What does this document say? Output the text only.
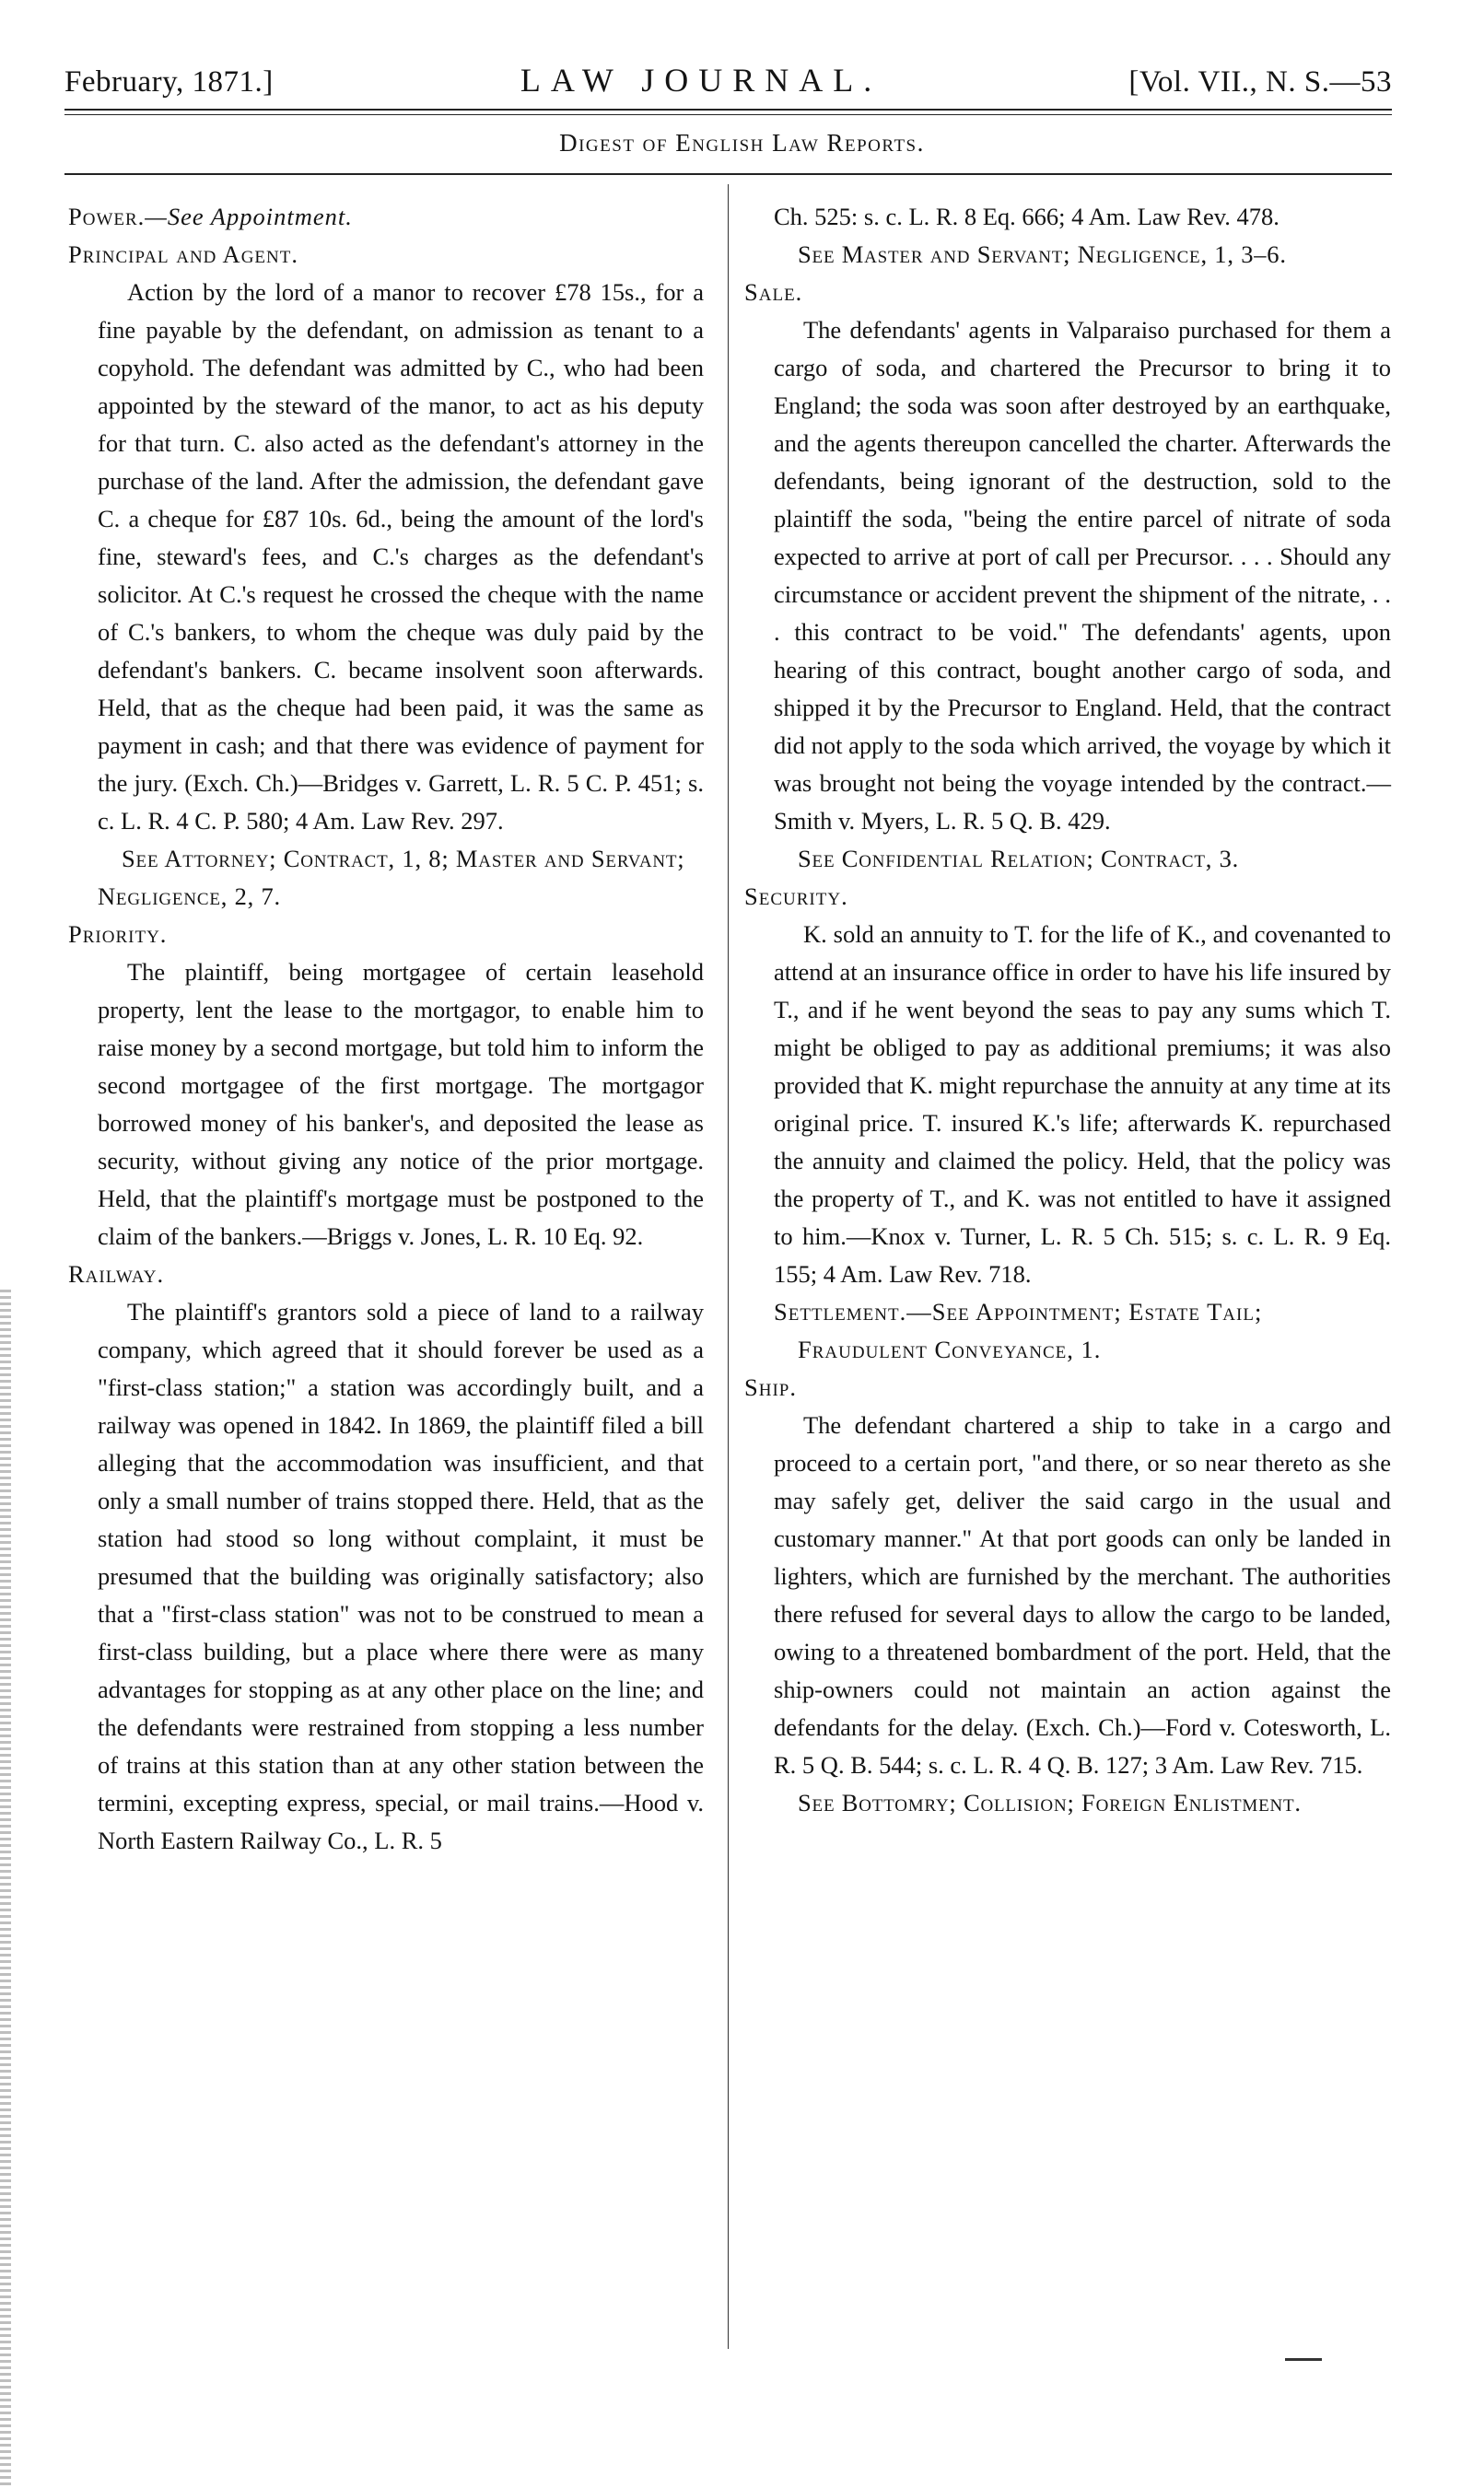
February, 1871.]	LAW JOURNAL.	[Vol. VII., N. S.—53
Digest of English Law Reports.
Power.—See Appointment.
Principal and Agent.

Action by the lord of a manor to recover £78 15s., for a fine payable by the defendant, on admission as tenant to a copyhold. The defendant was admitted by C., who had been appointed by the steward of the manor, to act as his deputy for that turn. C. also acted as the defendant's attorney in the purchase of the land. After the admission, the defendant gave C. a cheque for £87 10s. 6d., being the amount of the lord's fine, steward's fees, and C.'s charges as the defendant's solicitor. At C.'s request he crossed the cheque with the name of C.'s bankers, to whom the cheque was duly paid by the defendant's bankers. C. became insolvent soon afterwards. Held, that as the cheque had been paid, it was the same as payment in cash; and that there was evidence of payment for the jury. (Exch. Ch.)—Bridges v. Garrett, L. R. 5 C. P. 451; s. c. L. R. 4 C. P. 580; 4 Am. Law Rev. 297.

See Attorney; Contract, 1, 8; Master and Servant; Negligence, 2, 7.

Priority.

The plaintiff, being mortgagee of certain leasehold property, lent the lease to the mortgagor, to enable him to raise money by a second mortgage, but told him to inform the second mortgagee of the first mortgage. The mortgagor borrowed money of his banker's, and deposited the lease as security, without giving any notice of the prior mortgage. Held, that the plaintiff's mortgage must be postponed to the claim of the bankers.—Briggs v. Jones, L. R. 10 Eq. 92.

Railway.

The plaintiff's grantors sold a piece of land to a railway company, which agreed that it should forever be used as a "first-class station;" a station was accordingly built, and a railway was opened in 1842. In 1869, the plaintiff filed a bill alleging that the accommodation was insufficient, and that only a small number of trains stopped there. Held, that as the station had stood so long without complaint, it must be presumed that the building was originally satisfactory; also that a "first-class station" was not to be construed to mean a first-class building, but a place where there were as many advantages for stopping as at any other place on the line; and the defendants were restrained from stopping a less number of trains at this station than at any other station between the termini, excepting express, special, or mail trains.—Hood v. North Eastern Railway Co., L. R. 5

Ch. 525: s. c. L. R. 8 Eq. 666; 4 Am. Law Rev. 478.

See Master and Servant; Negligence, 1, 3–6.

Sale.

The defendants' agents in Valparaiso purchased for them a cargo of soda, and chartered the Precursor to bring it to England; the soda was soon after destroyed by an earthquake, and the agents thereupon cancelled the charter. Afterwards the defendants, being ignorant of the destruction, sold to the plaintiff the soda, "being the entire parcel of nitrate of soda expected to arrive at port of call per Precursor. . . . Should any circumstance or accident prevent the shipment of the nitrate, . . . this contract to be void." The defendants' agents, upon hearing of this contract, bought another cargo of soda, and shipped it by the Precursor to England. Held, that the contract did not apply to the soda which arrived, the voyage by which it was brought not being the voyage intended by the contract.—Smith v. Myers, L. R. 5 Q. B. 429.

See Confidential Relation; Contract, 3.

Security.

K. sold an annuity to T. for the life of K., and covenanted to attend at an insurance office in order to have his life insured by T., and if he went beyond the seas to pay any sums which T. might be obliged to pay as additional premiums; it was also provided that K. might repurchase the annuity at any time at its original price. T. insured K.'s life; afterwards K. repurchased the annuity and claimed the policy. Held, that the policy was the property of T., and K. was not entitled to have it assigned to him.—Knox v. Turner, L. R. 5 Ch. 515; s. c. L. R. 9 Eq. 155; 4 Am. Law Rev. 718.

Settlement.—See Appointment; Estate Tail; Fraudulent Conveyance, 1.
Ship.

The defendant chartered a ship to take in a cargo and proceed to a certain port, "and there, or so near thereto as she may safely get, deliver the said cargo in the usual and customary manner." At that port goods can only be landed in lighters, which are furnished by the merchant. The authorities there refused for several days to allow the cargo to be landed, owing to a threatened bombardment of the port. Held, that the ship-owners could not maintain an action against the defendants for the delay. (Exch. Ch.)—Ford v. Cotesworth, L. R. 5 Q. B. 544; s. c. L. R. 4 Q. B. 127; 3 Am. Law Rev. 715.

See Bottomry; Collision; Foreign Enlistment.
